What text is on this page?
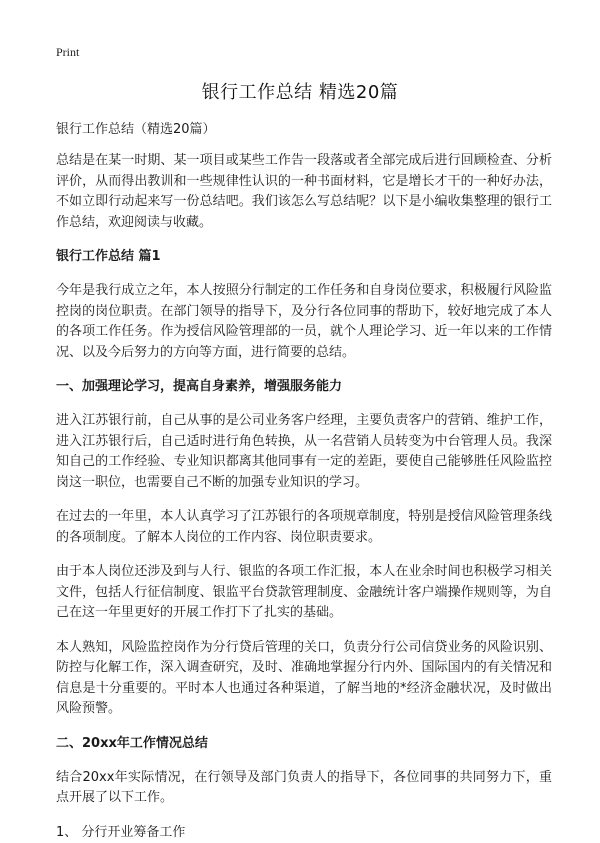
Print
银行工作总结 精选20篇
银行工作总结（精选20篇）

总结是在某一时期、某一项目或某些工作告一段落或者全部完成后进行回顾检查、分析评价，从而得出教训和一些规律性认识的一种书面材料，它是增长才干的一种好办法，不如立即行动起来写一份总结吧。我们该怎么写总结呢？以下是小编收集整理的银行工作总结，欢迎阅读与收藏。

银行工作总结 篇1

今年是我行成立之年，本人按照分行制定的工作任务和自身岗位要求，积极履行风险监控岗的岗位职责。在部门领导的指导下，及分行各位同事的帮助下，较好地完成了本人的各项工作任务。作为授信风险管理部的一员，就个人理论学习、近一年以来的工作情况、以及今后努力的方向等方面，进行简要的总结。

一、加强理论学习，提高自身素养，增强服务能力

进入江苏银行前，自己从事的是公司业务客户经理，主要负责客户的营销、维护工作，进入江苏银行后，自己适时进行角色转换，从一名营销人员转变为中台管理人员。我深知自己的工作经验、专业知识都离其他同事有一定的差距，要使自己能够胜任风险监控岗这一职位，也需要自己不断的加强专业知识的学习。

在过去的一年里，本人认真学习了江苏银行的各项规章制度，特别是授信风险管理条线的各项制度。了解本人岗位的工作内容、岗位职责要求。

由于本人岗位还涉及到与人行、银监的各项工作汇报，本人在业余时间也积极学习相关文件，包括人行征信制度、银监平台贷款管理制度、金融统计客户端操作规则等，为自己在这一年里更好的开展工作打下了扎实的基础。

本人熟知，风险监控岗作为分行贷后管理的关口，负责分行公司信贷业务的风险识别、防控与化解工作，深入调查研究，及时、准确地掌握分行内外、国际国内的有关情况和信息是十分重要的。平时本人也通过各种渠道，了解当地的*经济金融状况，及时做出风险预警。

二、20xx年工作情况总结

结合20xx年实际情况，在行领导及部门负责人的指导下，各位同事的共同努力下，重点开展了以下工作。

1、 分行开业筹备工作
